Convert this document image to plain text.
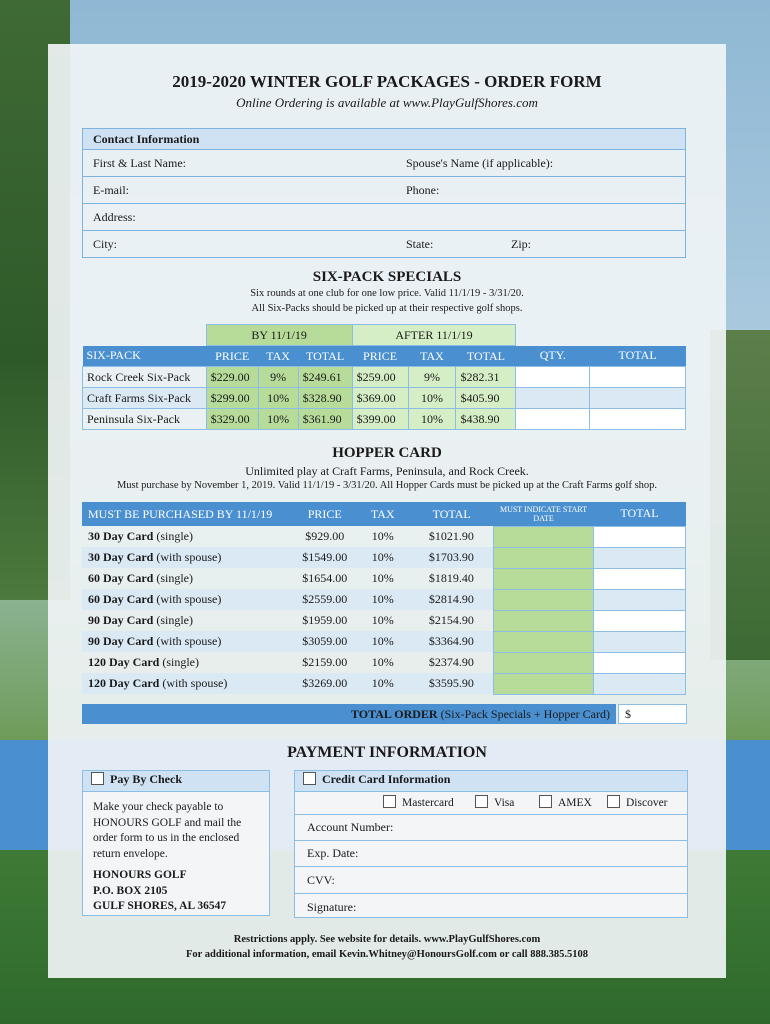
2019-2020 WINTER GOLF PACKAGES - ORDER FORM
Online Ordering is available at www.PlayGulfShores.com
Contact Information
First & Last Name:	Spouse's Name (if applicable):
E-mail:	Phone:
Address:
City:	State:	Zip:
SIX-PACK SPECIALS
Six rounds at one club for one low price. Valid 11/1/19 - 3/31/20.
All Six-Packs should be picked up at their respective golf shops.
	BY 11/1/19			AFTER 11/1/19				
SIX-PACK	PRICE	TAX	TOTAL	PRICE	TAX	TOTAL	QTY.	TOTAL
Rock Creek Six-Pack	$229.00	9%	$249.61	$259.00	9%	$282.31		
Craft Farms Six-Pack	$299.00	10%	$328.90	$369.00	10%	$405.90		
Peninsula Six-Pack	$329.00	10%	$361.90	$399.00	10%	$438.90		
HOPPER CARD
Unlimited play at Craft Farms, Peninsula, and Rock Creek.
Must purchase by November 1, 2019. Valid 11/1/19 - 3/31/20. All Hopper Cards must be picked up at the Craft Farms golf shop.
MUST BE PURCHASED BY 11/1/19	PRICE	TAX	TOTAL	MUST INDICATE START DATE	TOTAL
30 Day Card (single)	$929.00	10%	$1021.90		
30 Day Card (with spouse)	$1549.00	10%	$1703.90		
60 Day Card (single)	$1654.00	10%	$1819.40		
60 Day Card (with spouse)	$2559.00	10%	$2814.90		
90 Day Card (single)	$1959.00	10%	$2154.90		
90 Day Card (with spouse)	$3059.00	10%	$3364.90		
120 Day Card (single)	$2159.00	10%	$2374.90		
120 Day Card (with spouse)	$3269.00	10%	$3595.90		
TOTAL ORDER (Six-Pack Specials + Hopper Card) $
PAYMENT INFORMATION
Pay By Check
Make your check payable to HONOURS GOLF and mail the order form to us in the enclosed return envelope.
HONOURS GOLF
P.O. BOX 2105
GULF SHORES, AL 36547
Credit Card Information
Mastercard	Visa	AMEX	Discover
Account Number:
Exp. Date:
CVV:
Signature:
Restrictions apply. See website for details. www.PlayGulfShores.com
For additional information, email Kevin.Whitney@HonoursGolf.com or call 888.385.5108
